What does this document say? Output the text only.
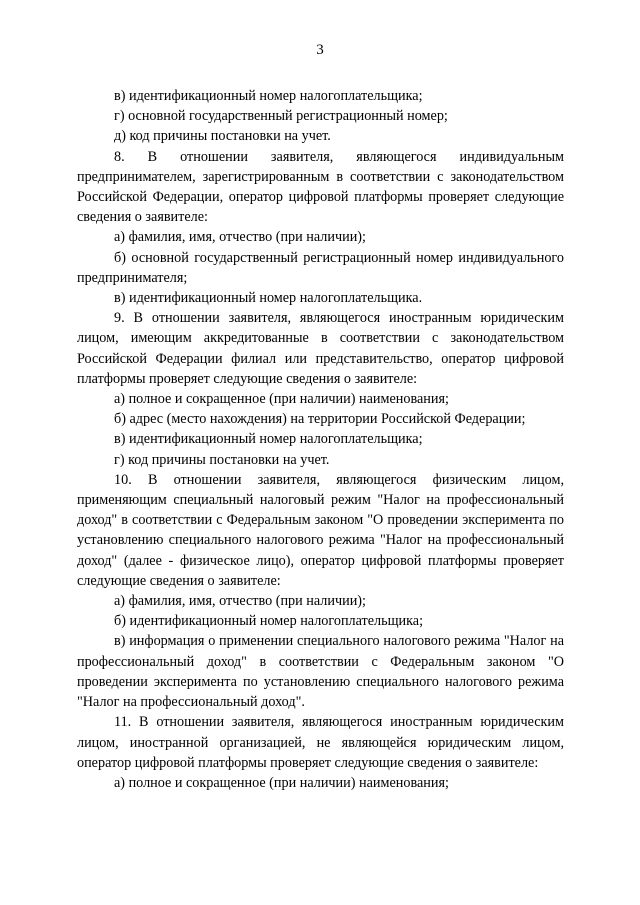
3

в) идентификационный номер налогоплательщика;

г) основной государственный регистрационный номер;

д) код причины постановки на учет.

8. В отношении заявителя, являющегося индивидуальным предпринимателем, зарегистрированным в соответствии с законодательством Российской Федерации, оператор цифровой платформы проверяет следующие сведения о заявителе:

а) фамилия, имя, отчество (при наличии);

б) основной государственный регистрационный номер индивидуального предпринимателя;

в) идентификационный номер налогоплательщика.

9. В отношении заявителя, являющегося иностранным юридическим лицом, имеющим аккредитованные в соответствии с законодательством Российской Федерации филиал или представительство, оператор цифровой платформы проверяет следующие сведения о заявителе:

а) полное и сокращенное (при наличии) наименования;

б) адрес (место нахождения) на территории Российской Федерации;

в) идентификационный номер налогоплательщика;

г) код причины постановки на учет.

10. В отношении заявителя, являющегося физическим лицом, применяющим специальный налоговый режим "Налог на профессиональный доход" в соответствии с Федеральным законом "О проведении эксперимента по установлению специального налогового режима "Налог на профессиональный доход" (далее - физическое лицо), оператор цифровой платформы проверяет следующие сведения о заявителе:

а) фамилия, имя, отчество (при наличии);

б) идентификационный номер налогоплательщика;

в) информация о применении специального налогового режима "Налог на профессиональный доход" в соответствии с Федеральным законом "О проведении эксперимента по установлению специального налогового режима "Налог на профессиональный доход".

11. В отношении заявителя, являющегося иностранным юридическим лицом, иностранной организацией, не являющейся юридическим лицом, оператор цифровой платформы проверяет следующие сведения о заявителе:

а) полное и сокращенное (при наличии) наименования;
